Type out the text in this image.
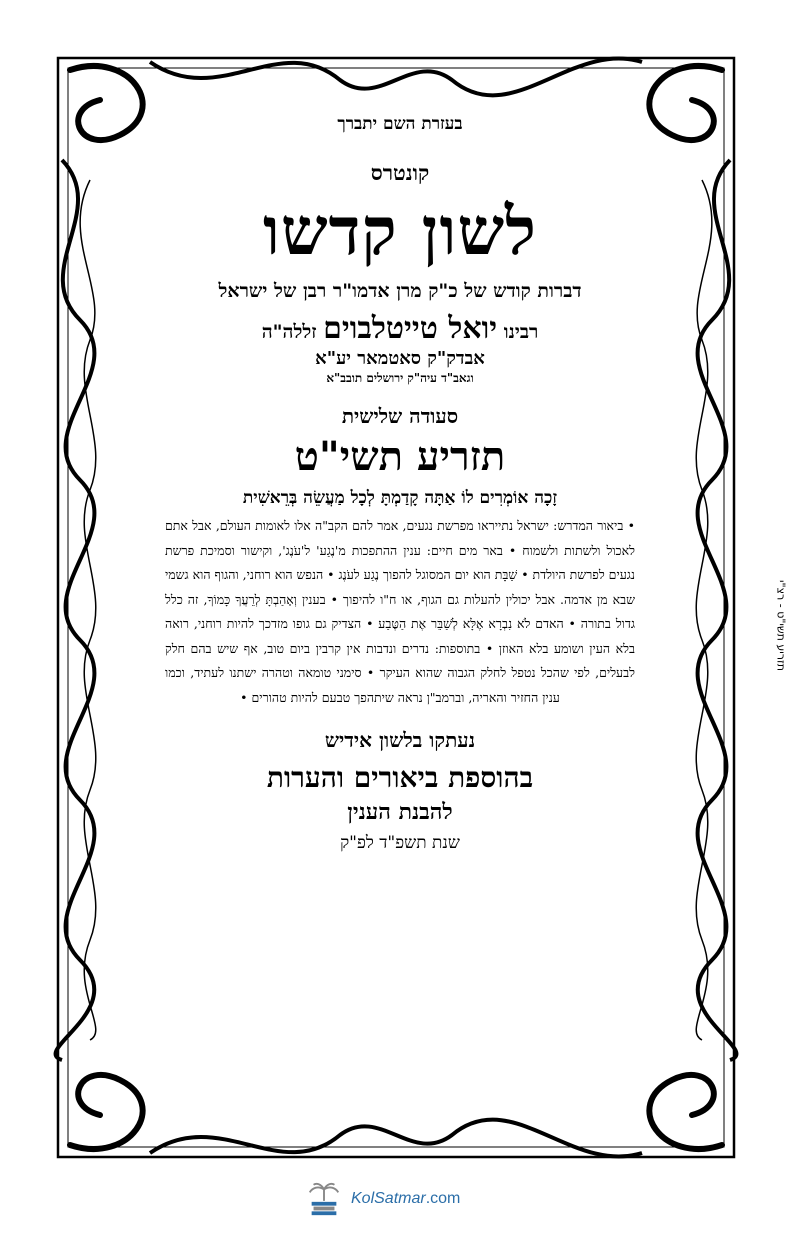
תזריע תשי"ט - רצ"י
בעזרת השם יתברך
קונטרס
לשון קדשו
דברות קודש של כ"ק מרן אדמו"ר רבן של ישראל
רבינו יואל טייטלבוים זללה"ה
אבדק"ק סאטמאר יע"א
וגאב"ד עיה"ק ירושלים תובב"א
סעודה שלישית
תזריע תשי"ט
זָכָה אוֹמְרִים לוֹ אַתָּה קָדַמְתָּ לְכָל מַעֲשֵׂה בְּרֵאשִׁית
• ביאור המדרש: ישראל נתייראו מפרשת נגעים, אמר להם הקב"ה אלו לאומות העולם, אבל אתם לאכול ולשתות ולשמוח • באר מים חיים: ענין ההתפכות מ'נֶגַע' ל'עֹנֶג', וקישור וסמיכת פרשת נגעים לפרשת היולדת • שַׁבָּת הוא יום המסוגל להפוך נֶגַע לעֹנֶג • הנפש הוא רוחני, והגוף הוא גשמי שבא מן אדמה. אבל יכולין להעלות גם הגוף, או ח"ו להיפוך • בענין וְאָהַבְתָּ לְרֵעֲךָ כָּמוֹךָ, זה כלל גדול בתורה • האדם לֹא נִבְרָא אֶלָּא לְשַׁבֵּר אֶת הַטֶּבַע • הצדיק גם גופו מזדכך להיות רוחני, רואה בלא העין ושומע בלא האוזן • בתוספות: נדרים ונדבות אין קרבין ביום טוב, אף שיש בהם חלק לבעלים, לפי שהכל נטפל לחלק הגבוה שהוא העיקר • סימני טומאה וטהרה ישתנו לעתיד, וכמו ענין החזיר והאריה, וברמב"ן נראה שיתהפך טבעם להיות טהורים •
נעתקו בלשון אידיש
בהוספת ביאורים והערות
להבנת הענין
שנת תשפ"ד לפ"ק
KolSatmar.com
